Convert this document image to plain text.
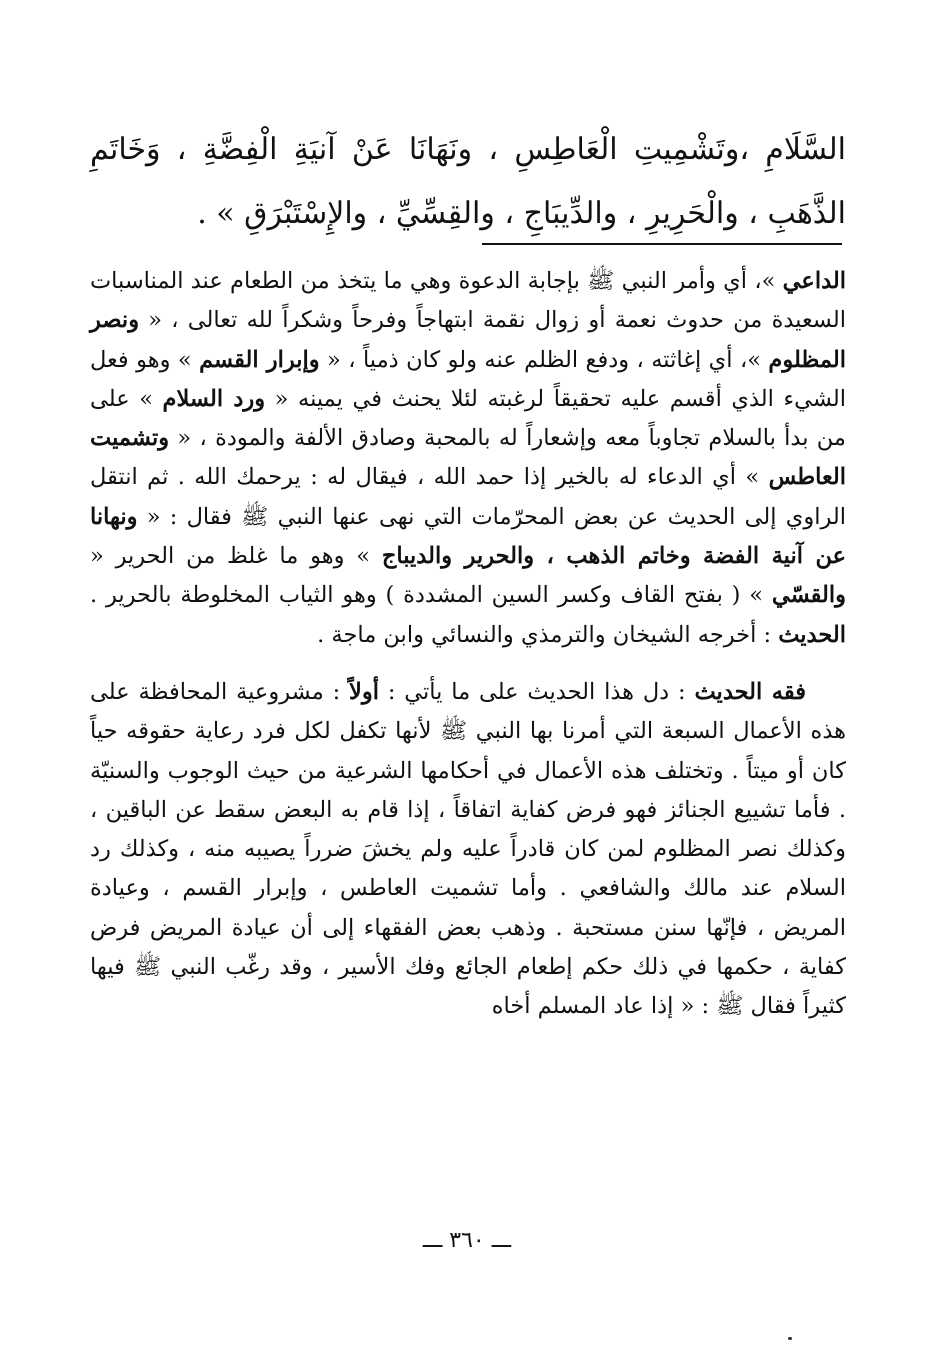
السَّلَامِ ،وتَشْمِيتِ الْعَاطِسِ ، ونَهَانَا عَنْ آنيَةِ الْفِضَّةِ ، وَخَاتَمِ الذَّهَبِ ، والْحَرِيرِ ، والدِّيبَاجِ ، والقِسِّيِّ ، والإِسْتَبْرَقِ » .

الداعي »، أي وأمر النبي ﷺ بإجابة الدعوة وهي ما يتخذ من الطعام عند المناسبات السعيدة من حدوث نعمة أو زوال نقمة ابتهاجاً وفرحاً وشكراً لله تعالى ، « ونصر المظلوم »، أي إغاثته ، ودفع الظلم عنه ولو كان ذمياً ، « وإبرار القسم » وهو فعل الشيء الذي أقسم عليه تحقيقاً لرغبته لئلا يحنث في يمينه « ورد السلام » على من بدأ بالسلام تجاوباً معه وإشعاراً له بالمحبة وصادق الألفة والمودة ، « وتشميت العاطس » أي الدعاء له بالخير إذا حمد الله ، فيقال له : يرحمك الله . ثم انتقل الراوي إلى الحديث عن بعض المحرّمات التي نهى عنها النبي ﷺ فقال : « ونهانا عن آنية الفضة وخاتم الذهب ، والحرير والديباج » وهو ما غلظ من الحرير « والقسّي » ( بفتح القاف وكسر السين المشددة ) وهو الثياب المخلوطة بالحرير . الحديث : أخرجه الشيخان والترمذي والنسائي وابن ماجة .

فقه الحديث : دل هذا الحديث على ما يأتي : أولاً : مشروعية المحافظة على هذه الأعمال السبعة التي أمرنا بها النبي ﷺ لأنها تكفل لكل فرد رعاية حقوقه حياً كان أو ميتاً . وتختلف هذه الأعمال في أحكامها الشرعية من حيث الوجوب والسنيّة . فأما تشييع الجنائز فهو فرض كفاية اتفاقاً ، إذا قام به البعض سقط عن الباقين ، وكذلك نصر المظلوم لمن كان قادراً عليه ولم يخشَ ضرراً يصيبه منه ، وكذلك رد السلام عند مالك والشافعي . وأما تشميت العاطس ، وإبرار القسم ، وعيادة المريض ، فإنّها سنن مستحبة . وذهب بعض الفقهاء إلى أن عيادة المريض فرض كفاية ، حكمها في ذلك حكم إطعام الجائع وفك الأسير ، وقد رغّب النبي ﷺ فيها كثيراً فقال ﷺ : « إذا عاد المسلم أخاه

ـــ ٣٦٠ ـــ
